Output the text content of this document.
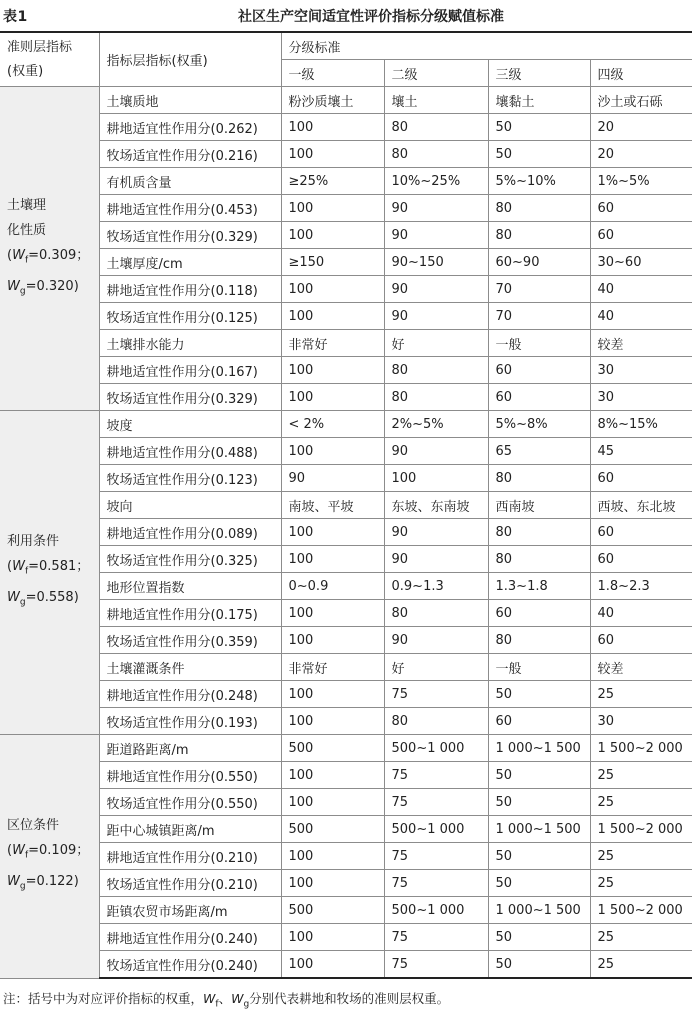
表1	社区生产空间适宜性评价指标分级赋值标准
准则层指标
(权重)	指标层指标(权重)	分级标准			
		一级	二级	三级	四级

土壤理
化性质
($W_f=0.309$；
$W_g=0.320$)	土壤质地	粉沙质壤土	壤土	壤黏土	沙土或石砾
	耕地适宜性作用分(0.262)	100	80	50	20
	牧场适宜性作用分(0.216)	100	80	50	20
	有机质含量	≥25%	10%~25%	5%~10%	1%~5%
	耕地适宜性作用分(0.453)	100	90	80	60
	牧场适宜性作用分(0.329)	100	90	80	60
	土壤厚度/cm	≥150	90~150	60~90	30~60
	耕地适宜性作用分(0.118)	100	90	70	40
	牧场适宜性作用分(0.125)	100	90	70	40
	土壤排水能力	非常好	好	一般	较差
	耕地适宜性作用分(0.167)	100	80	60	30
	牧场适宜性作用分(0.329)	100	80	60	30

利用条件
($W_f=0.581$；
$W_g=0.558$)	坡度	< 2%	2%~5%	5%~8%	8%~15%
	耕地适宜性作用分(0.488)	100	90	65	45
	牧场适宜性作用分(0.123)	90	100	80	60
	坡向	南坡、平坡	东坡、东南坡	西南坡	西坡、东北坡
	耕地适宜性作用分(0.089)	100	90	80	60
	牧场适宜性作用分(0.325)	100	90	80	60
	地形位置指数	0~0.9	0.9~1.3	1.3~1.8	1.8~2.3
	耕地适宜性作用分(0.175)	100	80	60	40
	牧场适宜性作用分(0.359)	100	90	80	60
	土壤灌溉条件	非常好	好	一般	较差
	耕地适宜性作用分(0.248)	100	75	50	25
	牧场适宜性作用分(0.193)	100	80	60	30

区位条件
($W_f=0.109$；
$W_g=0.122$)	距道路距离/m	500	500~1 000	1 000~1 500	1 500~2 000
	耕地适宜性作用分(0.550)	100	75	50	25
	牧场适宜性作用分(0.550)	100	75	50	25
	距中心城镇距离/m	500	500~1 000	1 000~1 500	1 500~2 000
	耕地适宜性作用分(0.210)	100	75	50	25
	牧场适宜性作用分(0.210)	100	75	50	25
	距镇农贸市场距离/m	500	500~1 000	1 000~1 500	1 500~2 000
	耕地适宜性作用分(0.240)	100	75	50	25
	牧场适宜性作用分(0.240)	100	75	50	25
注：括号中为对应评价指标的权重，$W_f$、$W_g$分别代表耕地和牧场的准则层权重。
